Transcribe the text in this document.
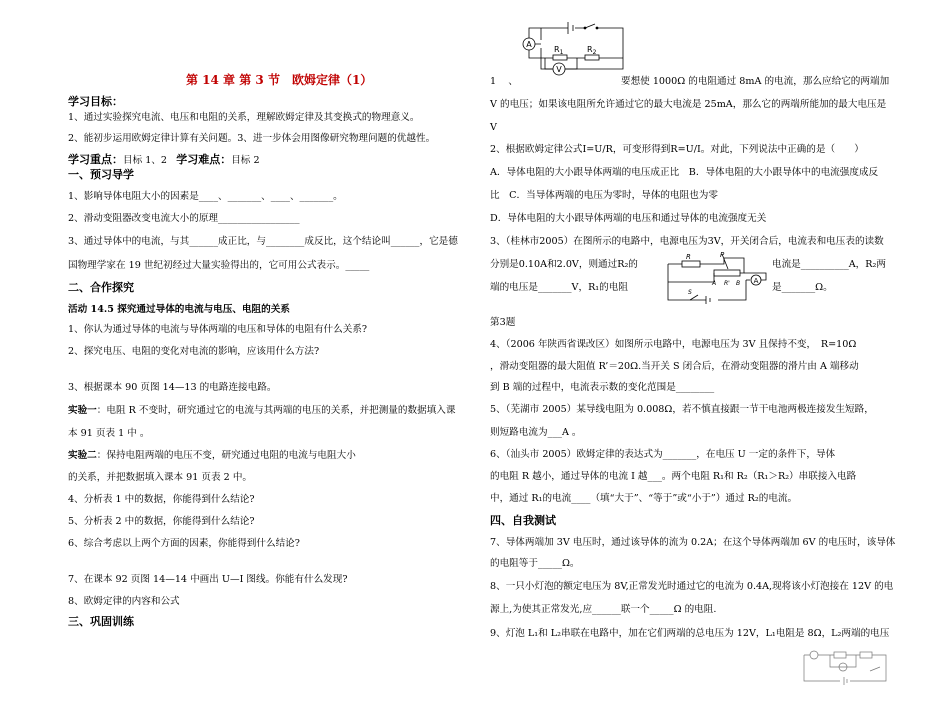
第 14 章 第 3 节　欧姆定律（1）
学习目标：
1、通过实验探究电流、电压和电阻的关系，理解欧姆定律及其变换式的物理意义。
2、能初步运用欧姆定律计算有关问题。3、进一步体会用图像研究物理问题的优越性。
学习重点：目标 1、2 学习难点：目标 2
一、预习导学
1、影响导体电阻大小的因素是____、_______、____、_______。
2、滑动变阻器改变电流大小的原理_________________
3、通过导体中的电流，与其______成正比，与________成反比，这个结论叫______，它是德
国物理学家在 19 世纪初经过大量实验得出的，它可用公式表示。_____
二、合作探究
活动 14.5 探究通过导体的电流与电压、电阻的关系
1、你认为通过导体的电流与导体两端的电压和导体的电阻有什么关系?
2、探究电压、电阻的变化对电流的影响，应该用什么方法?
3、根据课本 90 页图 14—13 的电路连接电路。
实验一：电阻 R 不变时，研究通过它的电流与其两端的电压的关系，并把测量的数据填入课
本 91 页表 1 中 。
实验二：保持电阻两端的电压不变，研究通过电阻的电流与电阻大小
的关系，并把数据填入课本 91 页表 2 中。
4、分析表 1 中的数据，你能得到什么结论?
5、分析表 2 中的数据，你能得到什么结论?
6、综合考虑以上两个方面的因素，你能得到什么结论?
7、在课本 92 页图 14—14 中画出 U—I 图线。你能有什么发现?
8、欧姆定律的内容和公式
三、巩固训练
A
V
$R_1$	$R_2$
1 、	要想使 1000Ω 的电阻通过 8mA 的电流，那么应给它的两端加
V 的电压；如果该电阻所允许通过它的最大电流是 25mA，那么它的两端所能加的最大电压是
V
2、根据欧姆定律公式I=U/R，可变形得到R=U/I。对此，下列说法中正确的是（　　）
A．导体电阻的大小跟导体两端的电压成正比　B．导体电阻的大小跟导体中的电流强度成反
比　C．当导体两端的电压为零时，导体的电阻也为零
D．导体电阻的大小跟导体两端的电压和通过导体的电流强度无关
3、（桂林市2005）在图所示的电路中，电源电压为3V，开关闭合后，电流表和电压表的读数
分别是0.10A和2.0V，则通过R₂的	电流是__________A，R₂两
端的电压是_______V，R₁的电阻	是_______Ω。
R	P
A	B
R'
S
A
第3题
4、（2006 年陕西省课改区）如图所示电路中，电源电压为 3V 且保持不变，　R=10Ω
，滑动变阻器的最大阻值 R’＝20Ω.当开关 S 闭合后，在滑动变阻器的滑片由 A 端移动
到 B 端的过程中，电流表示数的变化范围是________
5、（芜湖市 2005）某导线电阻为 0.008Ω，若不慎直接跟一节干电池两极连接发生短路，
则短路电流为___A 。
6、（汕头市 2005）欧姆定律的表达式为_______，在电压 U 一定的条件下，导体
的电阻 R 越小，通过导体的电流 I 越___。两个电阻 R₁和 R₂（R₁＞R₂）串联接入电路
中，通过 R₁的电流____（填“大于”、“等于”或“小于”）通过 R₂的电流。
四、自我测试
7、导体两端加 3V 电压时，通过该导体的流为 0.2A；在这个导体两端加 6V 的电压时，该导体
的电阻等于_____Ω。
8、一只小灯泡的额定电压为 8V,正常发光时通过它的电流为 0.4A,现将该小灯泡接在 12V 的电
源上,为使其正常发光,应______联一个_____Ω 的电阻.
9、灯泡 L₁和 L₂串联在电路中，加在它们两端的总电压为 12V，L₁电阻是 8Ω，L₂两端的电压
